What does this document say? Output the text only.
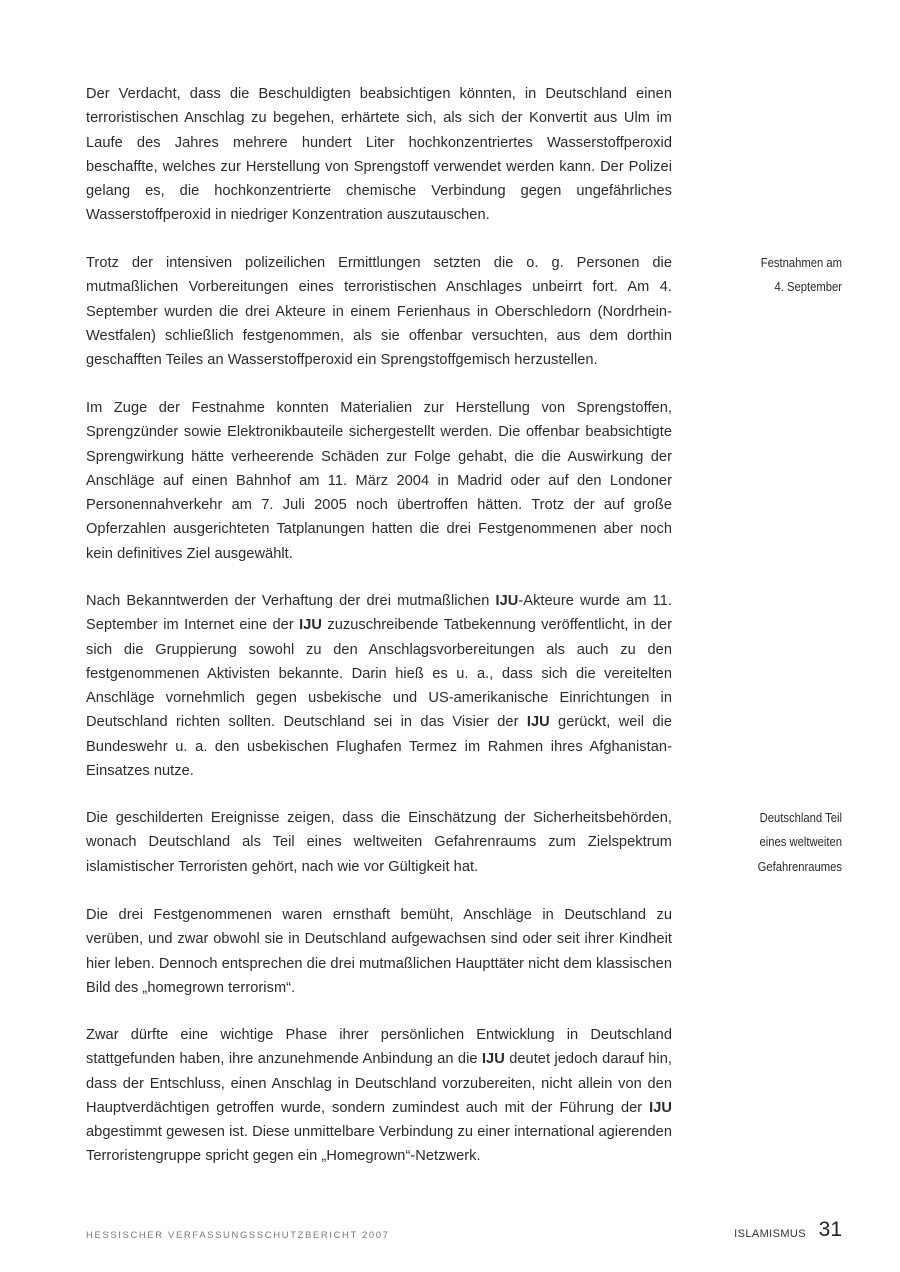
Der Verdacht, dass die Beschuldigten beabsichtigen könnten, in Deutschland einen terroristischen Anschlag zu begehen, erhärtete sich, als sich der Konvertit aus Ulm im Laufe des Jahres mehrere hundert Liter hochkonzentriertes Wasserstoffperoxid beschaffte, welches zur Herstellung von Sprengstoff verwendet werden kann. Der Polizei gelang es, die hochkonzentrierte chemische Verbindung gegen ungefährliches Wasserstoffperoxid in niedriger Konzentration auszutauschen.

Trotz der intensiven polizeilichen Ermittlungen setzten die o. g. Personen die mutmaßlichen Vorbereitungen eines terroristischen Anschlages unbeirrt fort. Am 4. September wurden die drei Akteure in einem Ferienhaus in Oberschledorn (Nordrhein-Westfalen) schließlich festgenommen, als sie offenbar versuchten, aus dem dorthin geschafften Teiles an Wasserstoffperoxid ein Sprengstoffgemisch herzustellen.

Im Zuge der Festnahme konnten Materialien zur Herstellung von Sprengstoffen, Sprengzünder sowie Elektronikbauteile sichergestellt werden. Die offenbar beabsichtigte Sprengwirkung hätte verheerende Schäden zur Folge gehabt, die die Auswirkung der Anschläge auf einen Bahnhof am 11. März 2004 in Madrid oder auf den Londoner Personennahverkehr am 7. Juli 2005 noch übertroffen hätten. Trotz der auf große Opferzahlen ausgerichteten Tatplanungen hatten die drei Festgenommenen aber noch kein definitives Ziel ausgewählt.

Nach Bekanntwerden der Verhaftung der drei mutmaßlichen IJU-Akteure wurde am 11. September im Internet eine der IJU zuzuschreibende Tatbekennung veröffentlicht, in der sich die Gruppierung sowohl zu den Anschlagsvorbereitungen als auch zu den festgenommenen Aktivisten bekannte. Darin hieß es u. a., dass sich die vereitelten Anschläge vornehmlich gegen usbekische und US-amerikanische Einrichtungen in Deutschland richten sollten. Deutschland sei in das Visier der IJU gerückt, weil die Bundeswehr u. a. den usbekischen Flughafen Termez im Rahmen ihres Afghanistan-Einsatzes nutze.

Die geschilderten Ereignisse zeigen, dass die Einschätzung der Sicherheitsbehörden, wonach Deutschland als Teil eines weltweiten Gefahrenraums zum Zielspektrum islamistischer Terroristen gehört, nach wie vor Gültigkeit hat.

Die drei Festgenommenen waren ernsthaft bemüht, Anschläge in Deutschland zu verüben, und zwar obwohl sie in Deutschland aufgewachsen sind oder seit ihrer Kindheit hier leben. Dennoch entsprechen die drei mutmaßlichen Haupttäter nicht dem klassischen Bild des „homegrown terrorism“.

Zwar dürfte eine wichtige Phase ihrer persönlichen Entwicklung in Deutschland stattgefunden haben, ihre anzunehmende Anbindung an die IJU deutet jedoch darauf hin, dass der Entschluss, einen Anschlag in Deutschland vorzubereiten, nicht allein von den Hauptverdächtigen getroffen wurde, sondern zumindest auch mit der Führung der IJU abgestimmt gewesen ist. Diese unmittelbare Verbindung zu einer international agierenden Terroristengruppe spricht gegen ein „Homegrown“-Netzwerk.

Festnahmen am
4. September
Deutschland Teil
eines weltweiten
Gefahrenraumes
HESSISCHER VERFASSUNGSSCHUTZBERICHT 2007	ISLAMISMUS 31
